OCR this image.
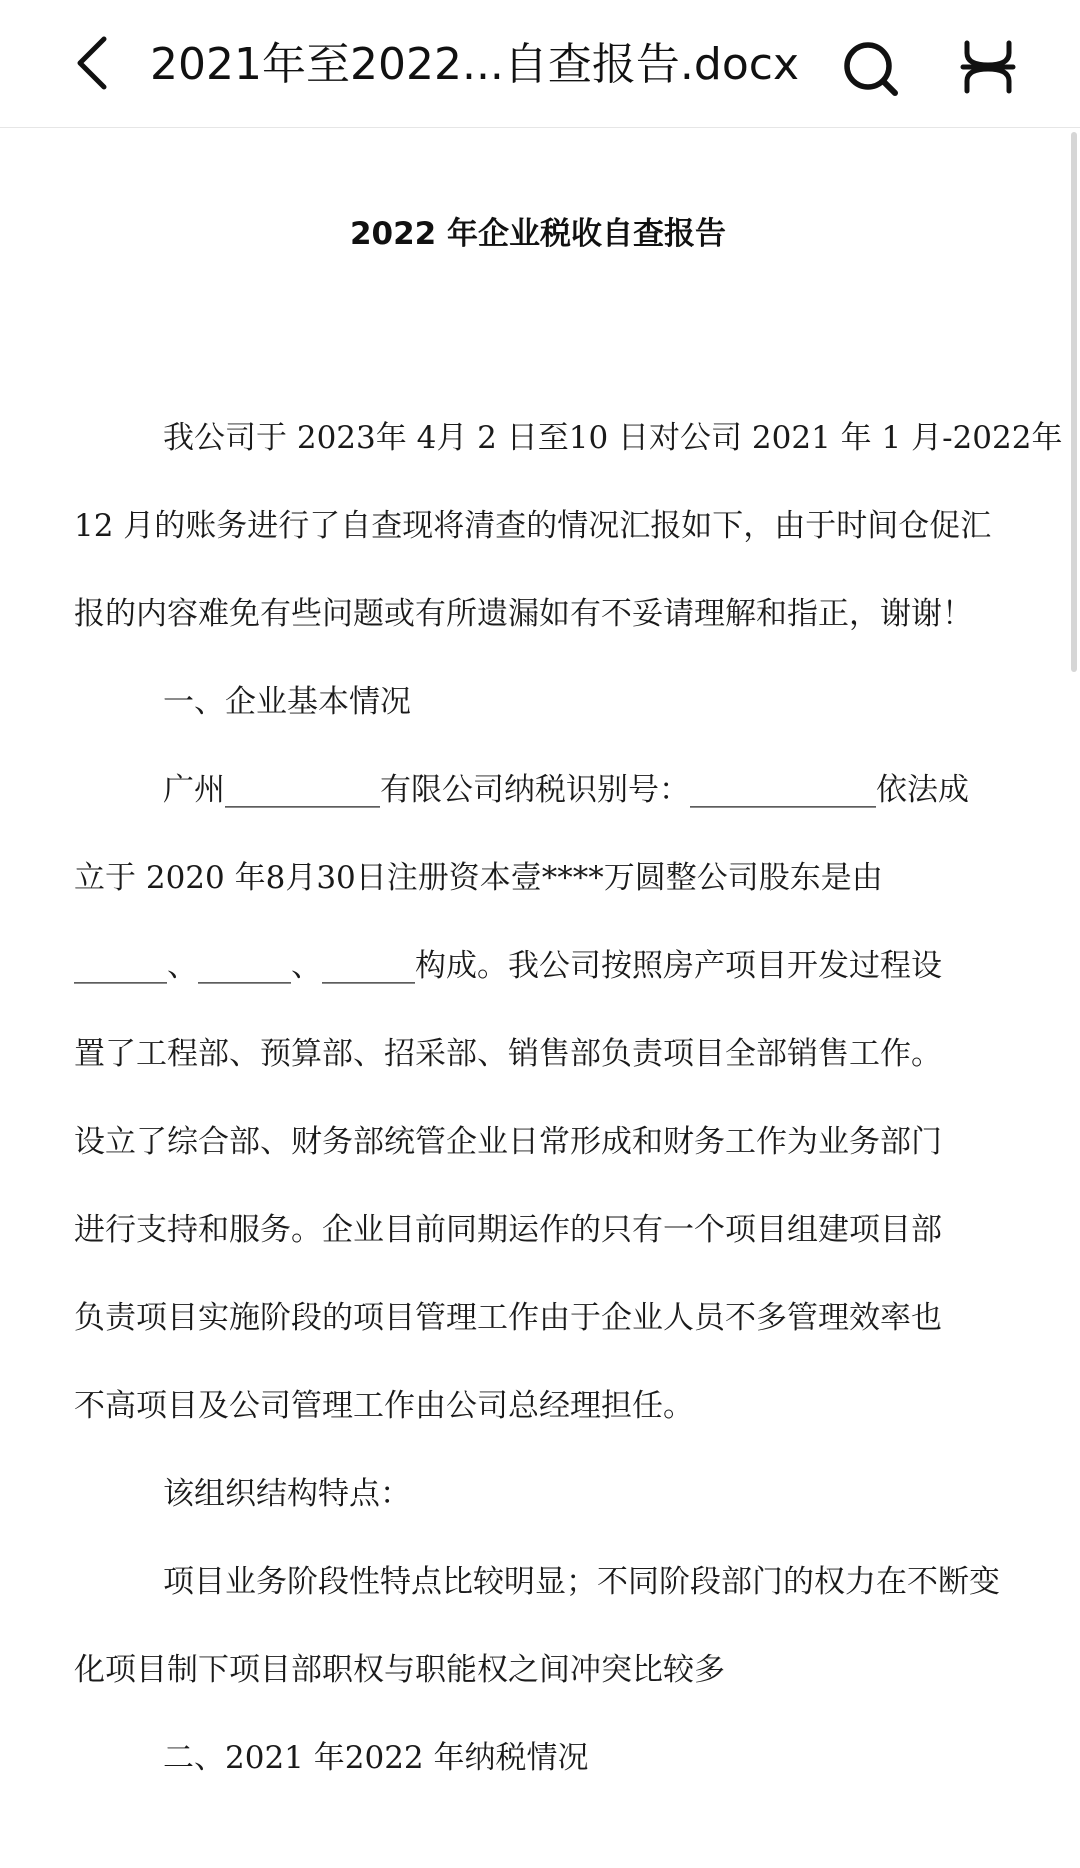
2021年至2022...自查报告.docx
2022 年企业税收自查报告
我公司于 2023年 4月 2 日至10 日对公司 2021 年 1 月-2022年
12 月的账务进行了自查现将清查的情况汇报如下，由于时间仓促汇
报的内容难免有些问题或有所遗漏如有不妥请理解和指正，谢谢！
一、企业基本情况
广州__________有限公司纳税识别号：____________依法成
立于 2020 年8月30日注册资本壹****万圆整公司股东是由
______、______、______构成。我公司按照房产项目开发过程设
置了工程部、预算部、招采部、销售部负责项目全部销售工作。
设立了综合部、财务部统管企业日常形成和财务工作为业务部门
进行支持和服务。企业目前同期运作的只有一个项目组建项目部
负责项目实施阶段的项目管理工作由于企业人员不多管理效率也
不高项目及公司管理工作由公司总经理担任。
该组织结构特点：
项目业务阶段性特点比较明显；不同阶段部门的权力在不断变
化项目制下项目部职权与职能权之间冲突比较多
二、2021 年2022 年纳税情况
